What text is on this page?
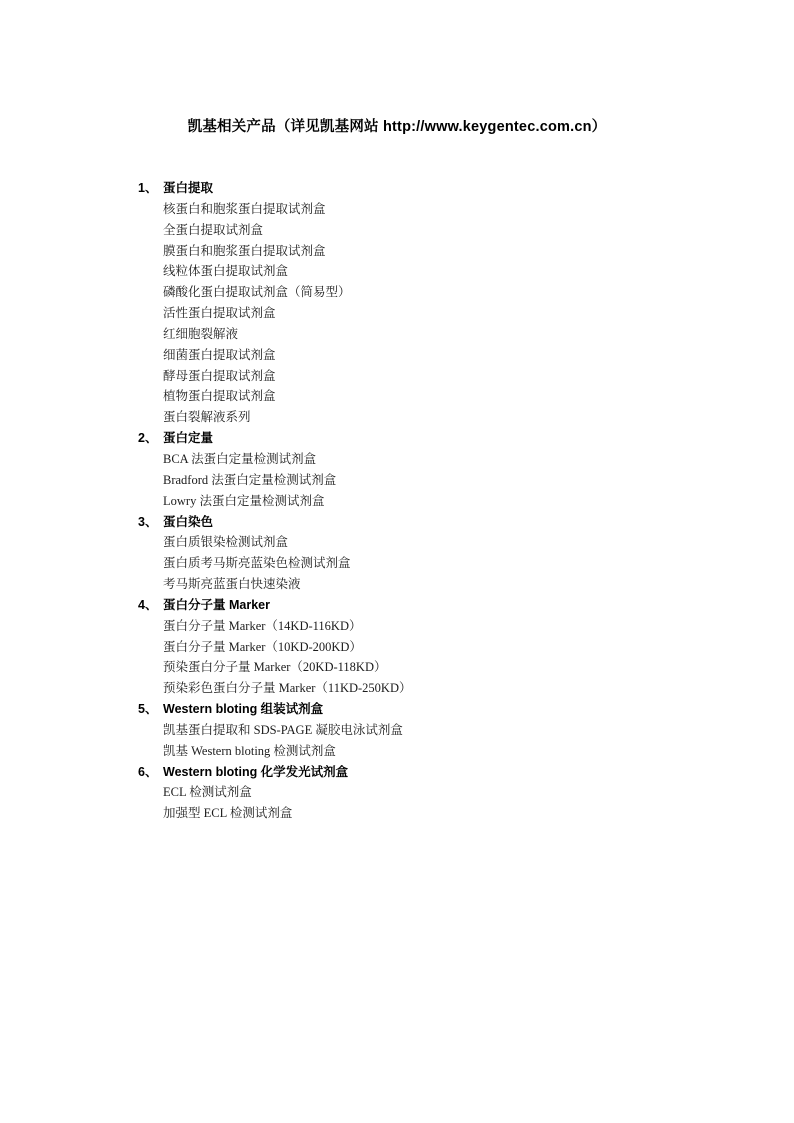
凯基相关产品（详见凯基网站 http://www.keygentec.com.cn）
1、 蛋白提取
核蛋白和胞浆蛋白提取试剂盒
全蛋白提取试剂盒
膜蛋白和胞浆蛋白提取试剂盒
线粒体蛋白提取试剂盒
磷酸化蛋白提取试剂盒（简易型）
活性蛋白提取试剂盒
红细胞裂解液
细菌蛋白提取试剂盒
酵母蛋白提取试剂盒
植物蛋白提取试剂盒
蛋白裂解液系列
2、 蛋白定量
BCA 法蛋白定量检测试剂盒
Bradford 法蛋白定量检测试剂盒
Lowry 法蛋白定量检测试剂盒
3、 蛋白染色
蛋白质银染检测试剂盒
蛋白质考马斯亮蓝染色检测试剂盒
考马斯亮蓝蛋白快速染液
4、 蛋白分子量 Marker
蛋白分子量 Marker（14KD-116KD）
蛋白分子量 Marker（10KD-200KD）
预染蛋白分子量 Marker（20KD-118KD）
预染彩色蛋白分子量 Marker（11KD-250KD）
5、 Western bloting 组装试剂盒
凯基蛋白提取和 SDS-PAGE 凝胶电泳试剂盒
凯基 Western bloting 检测试剂盒
6、 Western bloting 化学发光试剂盒
ECL 检测试剂盒
加强型 ECL 检测试剂盒
